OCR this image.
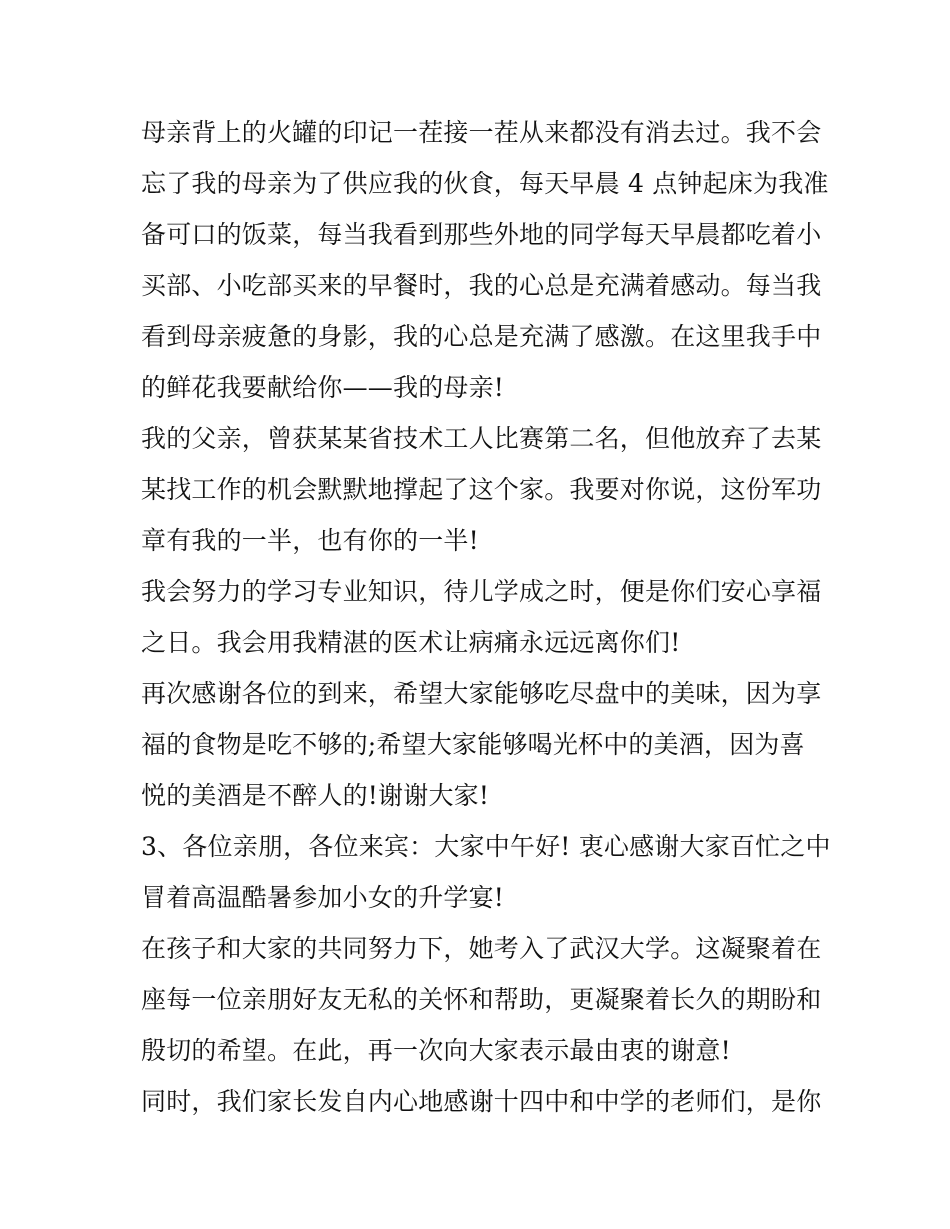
母亲背上的火罐的印记一茬接一茬从来都没有消去过。我不会
忘了我的母亲为了供应我的伙食，每天早晨 4 点钟起床为我准
备可口的饭菜，每当我看到那些外地的同学每天早晨都吃着小
买部、小吃部买来的早餐时，我的心总是充满着感动。每当我
看到母亲疲惫的身影，我的心总是充满了感激。在这里我手中
的鲜花我要献给你——我的母亲!
我的父亲，曾获某某省技术工人比赛第二名，但他放弃了去某
某找工作的机会默默地撑起了这个家。我要对你说，这份军功
章有我的一半，也有你的一半!
我会努力的学习专业知识，待儿学成之时，便是你们安心享福
之日。我会用我精湛的医术让病痛永远远离你们!
再次感谢各位的到来，希望大家能够吃尽盘中的美味，因为享
福的食物是吃不够的;希望大家能够喝光杯中的美酒，因为喜
悦的美酒是不醉人的!谢谢大家!
3、各位亲朋，各位来宾：大家中午好! 衷心感谢大家百忙之中
冒着高温酷暑参加小女的升学宴!
在孩子和大家的共同努力下，她考入了武汉大学。这凝聚着在
座每一位亲朋好友无私的关怀和帮助，更凝聚着长久的期盼和
殷切的希望。在此，再一次向大家表示最由衷的谢意!
同时，我们家长发自内心地感谢十四中和中学的老师们，是你
